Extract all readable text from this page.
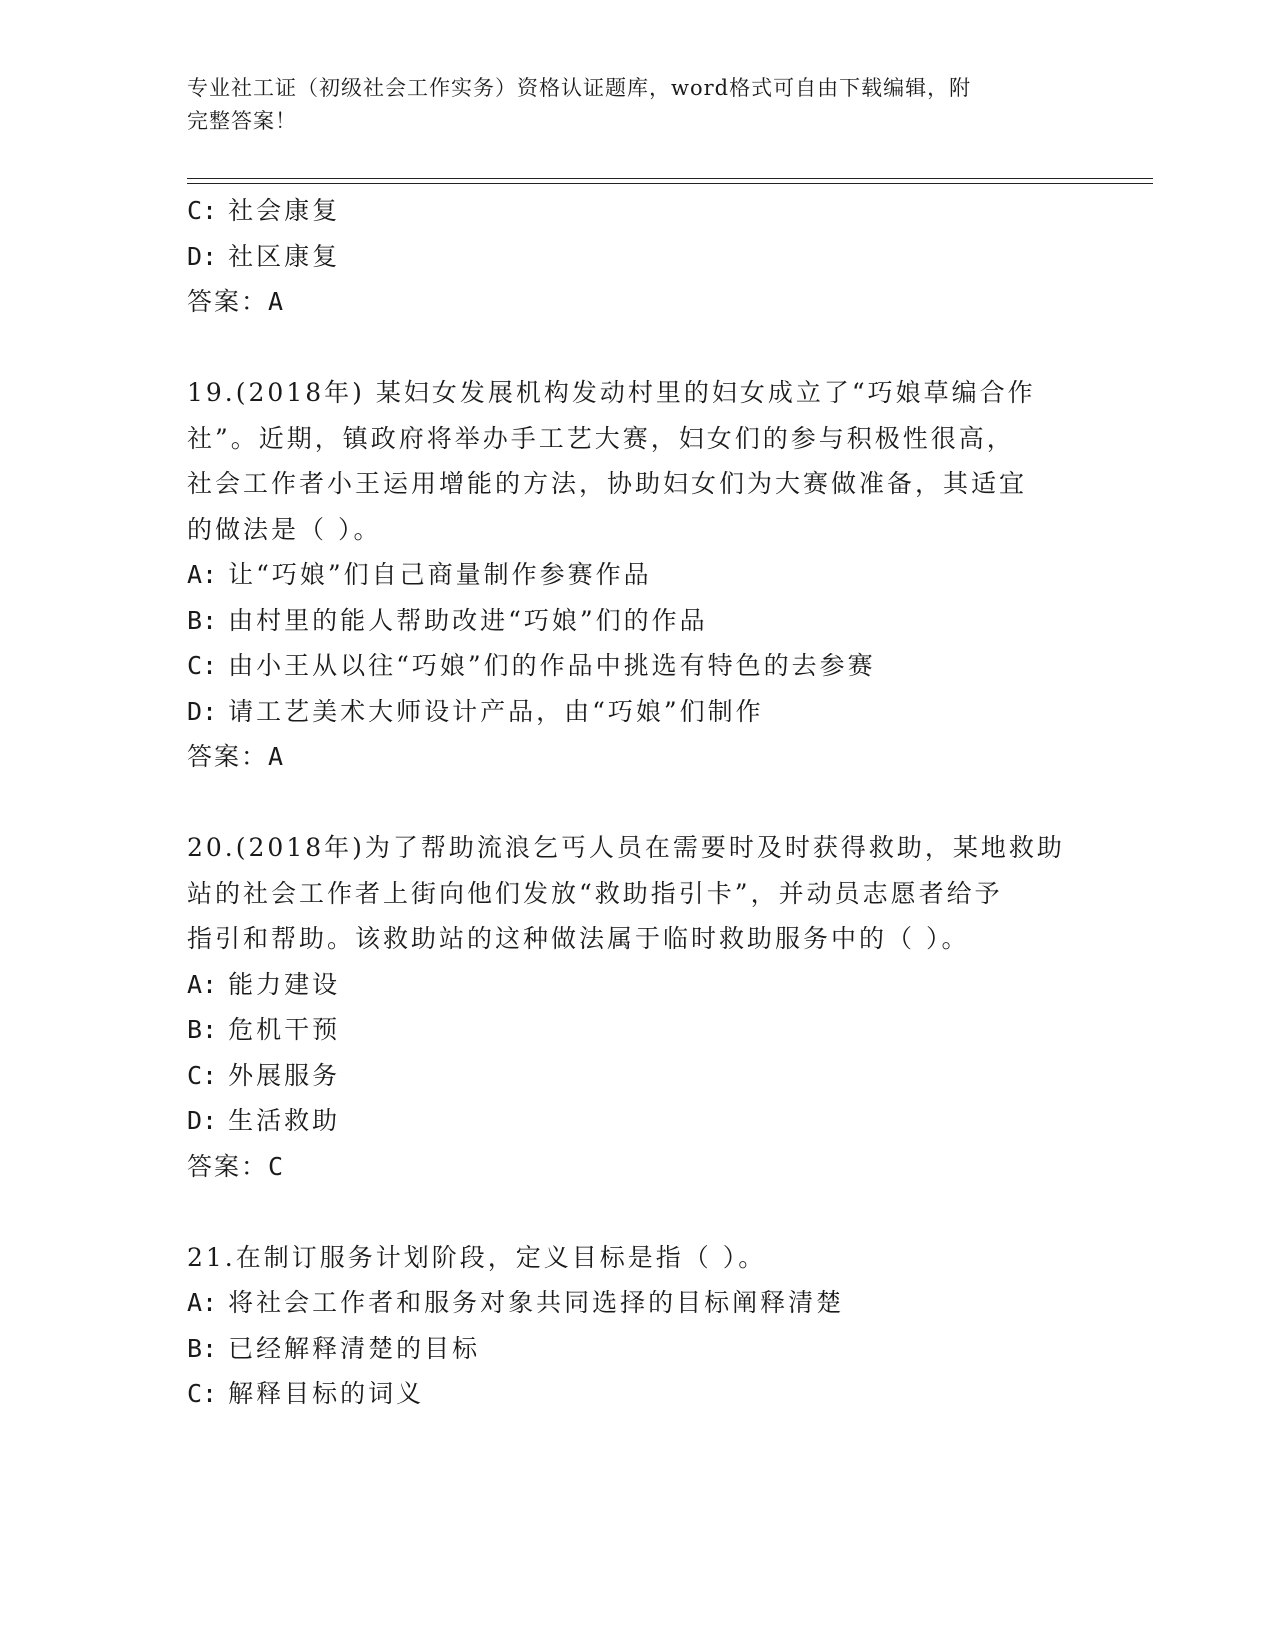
专业社工证（初级社会工作实务）资格认证题库，word格式可自由下载编辑，附
完整答案！
C: 社会康复
D: 社区康复
答案：A
19.(2018年) 某妇女发展机构发动村里的妇女成立了“巧娘草编合作
社”。近期，镇政府将举办手工艺大赛，妇女们的参与积极性很高，
社会工作者小王运用增能的方法，协助妇女们为大赛做准备，其适宜
的做法是（ ）。
A: 让“巧娘”们自己商量制作参赛作品
B: 由村里的能人帮助改进“巧娘”们的作品
C: 由小王从以往“巧娘”们的作品中挑选有特色的去参赛
D: 请工艺美术大师设计产品，由“巧娘”们制作
答案：A
20.(2018年)为了帮助流浪乞丐人员在需要时及时获得救助，某地救助
站的社会工作者上街向他们发放“救助指引卡”，并动员志愿者给予
指引和帮助。该救助站的这种做法属于临时救助服务中的（ ）。
A: 能力建设
B: 危机干预
C: 外展服务
D: 生活救助
答案：C
21.在制订服务计划阶段，定义目标是指（ ）。
A: 将社会工作者和服务对象共同选择的目标阐释清楚
B: 已经解释清楚的目标
C: 解释目标的词义
